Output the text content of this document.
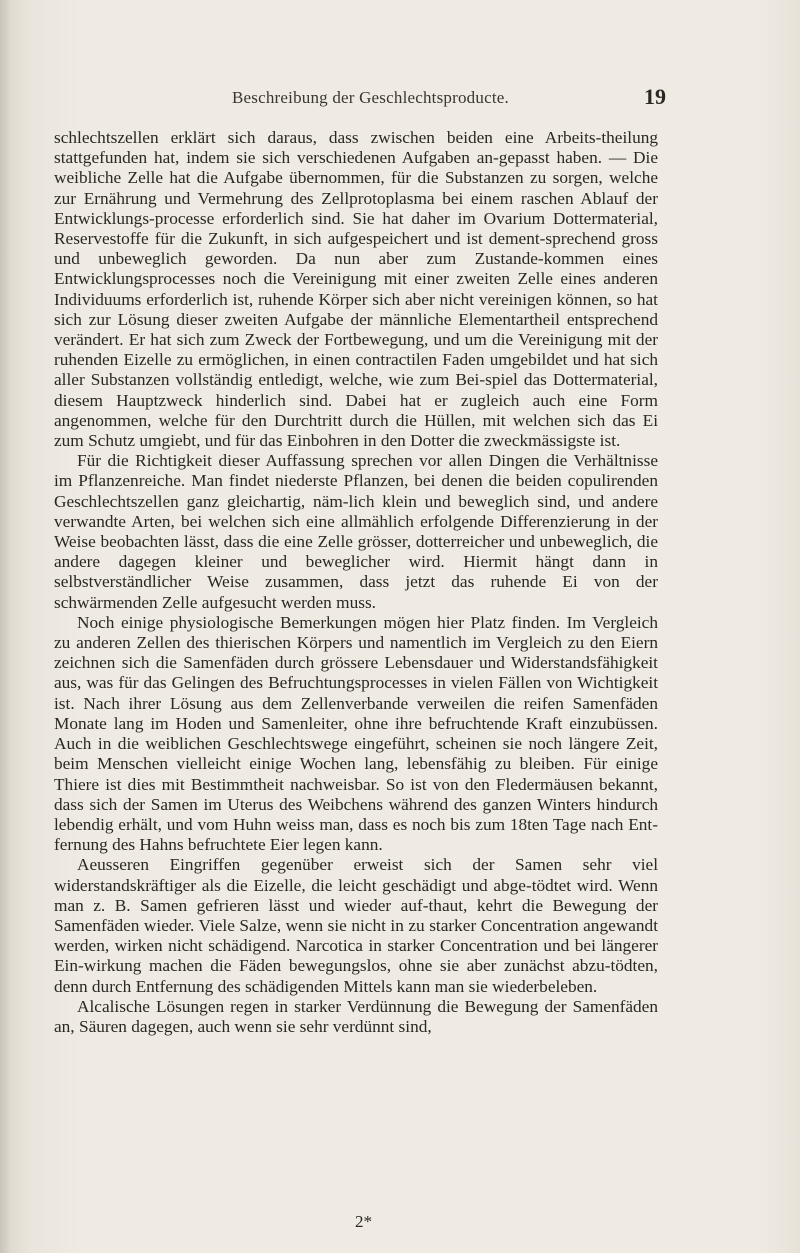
Beschreibung der Geschlechtsproducte.	19

schlechtszellen erklärt sich daraus, dass zwischen beiden eine Arbeits-theilung stattgefunden hat, indem sie sich verschiedenen Aufgaben an-gepasst haben. — Die weibliche Zelle hat die Aufgabe übernommen, für die Substanzen zu sorgen, welche zur Ernährung und Vermehrung des Zellprotoplasma bei einem raschen Ablauf der Entwicklungs-processe erforderlich sind. Sie hat daher im Ovarium Dottermaterial, Reservestoffe für die Zukunft, in sich aufgespeichert und ist dement-sprechend gross und unbeweglich geworden. Da nun aber zum Zustande-kommen eines Entwicklungsprocesses noch die Vereinigung mit einer zweiten Zelle eines anderen Individuums erforderlich ist, ruhende Körper sich aber nicht vereinigen können, so hat sich zur Lösung dieser zweiten Aufgabe der männliche Elementartheil entsprechend verändert. Er hat sich zum Zweck der Fortbewegung, und um die Vereinigung mit der ruhenden Eizelle zu ermöglichen, in einen contractilen Faden umgebildet und hat sich aller Substanzen vollständig entledigt, welche, wie zum Bei-spiel das Dottermaterial, diesem Hauptzweck hinderlich sind. Dabei hat er zugleich auch eine Form angenommen, welche für den Durchtritt durch die Hüllen, mit welchen sich das Ei zum Schutz umgiebt, und für das Einbohren in den Dotter die zweckmässigste ist.

Für die Richtigkeit dieser Auffassung sprechen vor allen Dingen die Verhältnisse im Pflanzenreiche. Man findet niederste Pflanzen, bei denen die beiden copulirenden Geschlechtszellen ganz gleichartig, näm-lich klein und beweglich sind, und andere verwandte Arten, bei welchen sich eine allmählich erfolgende Differenzierung in der Weise beobachten lässt, dass die eine Zelle grösser, dotterreicher und unbeweglich, die andere dagegen kleiner und beweglicher wird. Hiermit hängt dann in selbstverständlicher Weise zusammen, dass jetzt das ruhende Ei von der schwärmenden Zelle aufgesucht werden muss.

Noch einige physiologische Bemerkungen mögen hier Platz finden. Im Vergleich zu anderen Zellen des thierischen Körpers und namentlich im Vergleich zu den Eiern zeichnen sich die Samenfäden durch grössere Lebensdauer und Widerstandsfähigkeit aus, was für das Gelingen des Befruchtungsprocesses in vielen Fällen von Wichtigkeit ist. Nach ihrer Lösung aus dem Zellenverbande verweilen die reifen Samenfäden Monate lang im Hoden und Samenleiter, ohne ihre befruchtende Kraft einzubüssen. Auch in die weiblichen Geschlechtswege eingeführt, scheinen sie noch längere Zeit, beim Menschen vielleicht einige Wochen lang, lebensfähig zu bleiben. Für einige Thiere ist dies mit Bestimmtheit nachweisbar. So ist von den Fledermäusen bekannt, dass sich der Samen im Uterus des Weibchens während des ganzen Winters hindurch lebendig erhält, und vom Huhn weiss man, dass es noch bis zum 18ten Tage nach Ent-fernung des Hahns befruchtete Eier legen kann.

Aeusseren Eingriffen gegenüber erweist sich der Samen sehr viel widerstandskräftiger als die Eizelle, die leicht geschädigt und abge-tödtet wird. Wenn man z. B. Samen gefrieren lässt und wieder auf-thaut, kehrt die Bewegung der Samenfäden wieder. Viele Salze, wenn sie nicht in zu starker Concentration angewandt werden, wirken nicht schädigend. Narcotica in starker Concentration und bei längerer Ein-wirkung machen die Fäden bewegungslos, ohne sie aber zunächst abzu-tödten, denn durch Entfernung des schädigenden Mittels kann man sie wiederbeleben.

Alcalische Lösungen regen in starker Verdünnung die Bewegung der Samenfäden an, Säuren dagegen, auch wenn sie sehr verdünnt sind,

2*
